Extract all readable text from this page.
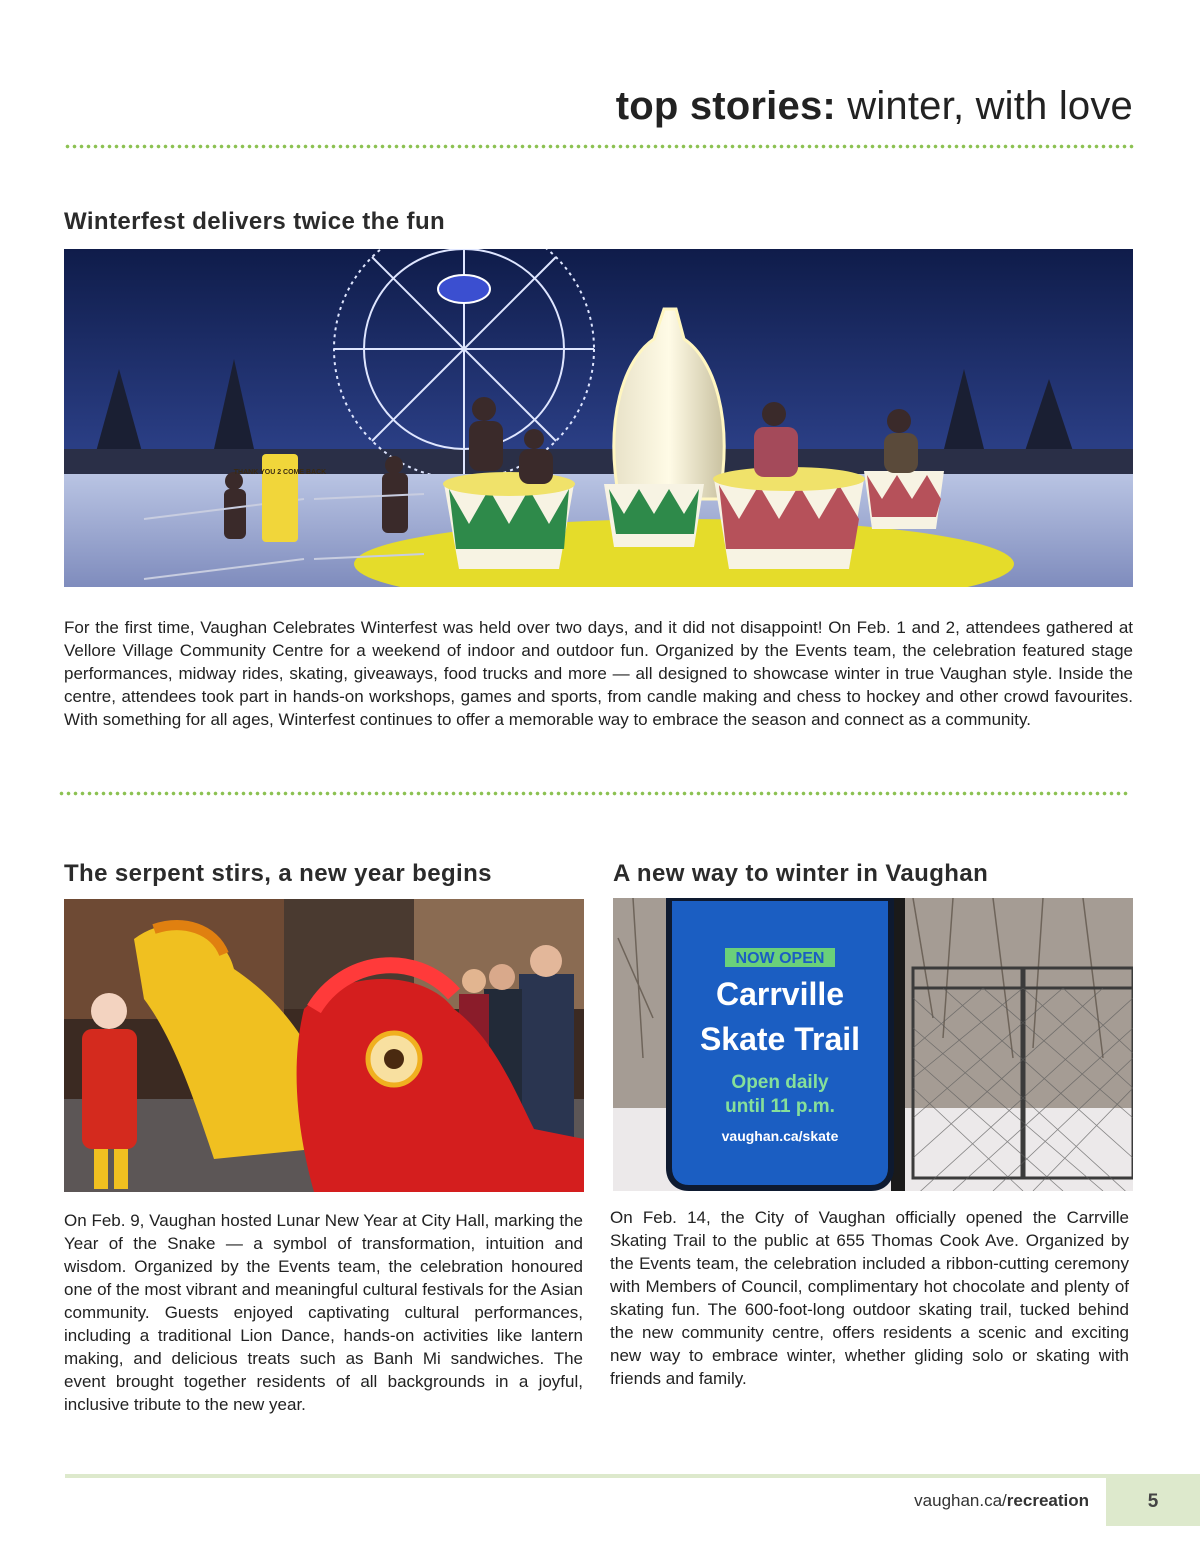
top stories: winter, with love
Winterfest delivers twice the fun
THANK YOU 2 COME BACK

For the first time, Vaughan Celebrates Winterfest was held over two days, and it did not disappoint! On Feb. 1 and 2, attendees gathered at Vellore Village Community Centre for a weekend of indoor and outdoor fun. Organized by the Events team, the celebration featured stage performances, midway rides, skating, giveaways, food trucks and more — all designed to showcase winter in true Vaughan style. Inside the centre, attendees took part in hands-on workshops, games and sports, from candle making and chess to hockey and other crowd favourites. With something for all ages, Winterfest continues to offer a memorable way to embrace the season and connect as a community.

The serpent stirs, a new year begins

On Feb. 9, Vaughan hosted Lunar New Year at City Hall, marking the Year of the Snake — a symbol of transformation, intuition and wisdom. Organized by the Events team, the celebration honoured one of the most vibrant and meaningful cultural festivals for the Asian community. Guests enjoyed captivating cultural performances, including a traditional Lion Dance, hands-on activities like lantern making, and delicious treats such as Banh Mi sandwiches. The event brought together residents of all backgrounds in a joyful, inclusive tribute to the new year.

A new way to winter in Vaughan
NOW OPEN
Carrville
Skate Trail
Open daily
until 11 p.m.
vaughan.ca/skate

On Feb. 14, the City of Vaughan officially opened the Carrville Skating Trail to the public at 655 Thomas Cook Ave. Organized by the Events team, the celebration included a ribbon-cutting ceremony with Members of Council, complimentary hot chocolate and plenty of skating fun. The 600-foot-long outdoor skating trail, tucked behind the new community centre, offers residents a scenic and exciting new way to embrace winter, whether gliding solo or skating with friends and family.

vaughan.ca/recreation	5
